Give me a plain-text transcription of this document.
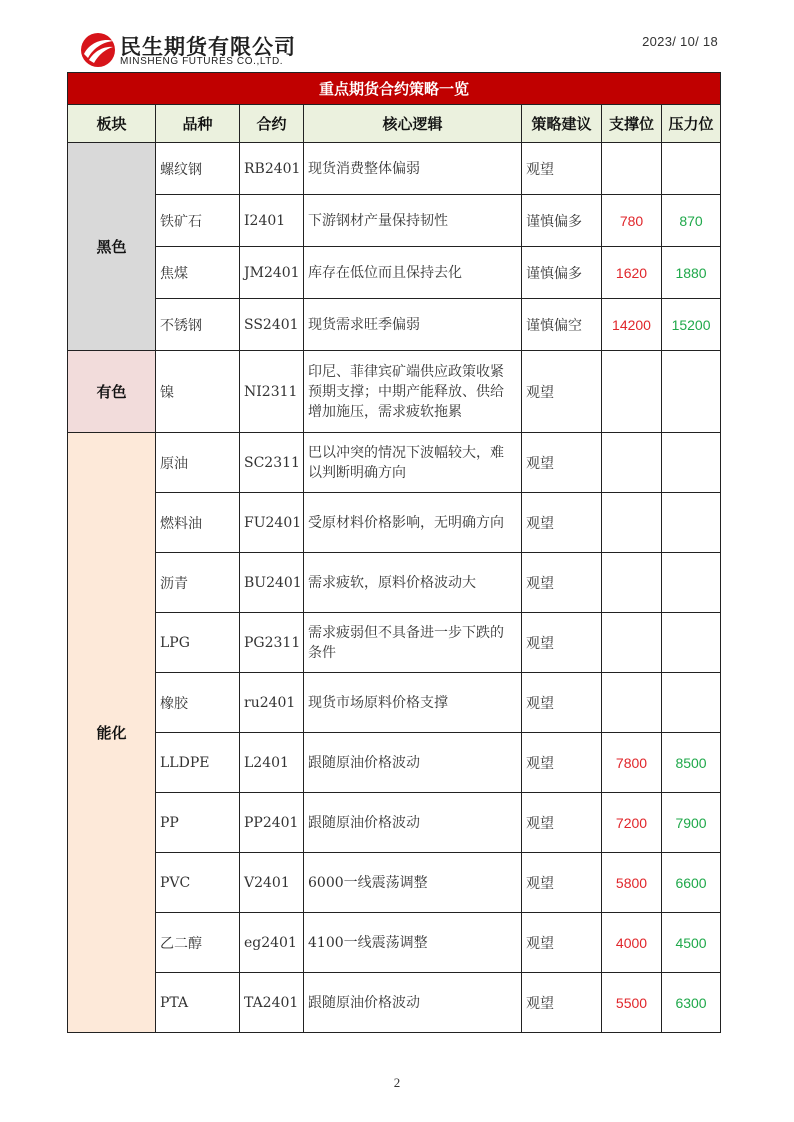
民生期货有限公司
MINSHENG FUTURES CO.,LTD.
2023/ 10/ 18
重点期货合约策略一览						
板块	品种	合约	核心逻辑	策略建议	支撑位	压力位
黑色	螺纹钢	RB2401	现货消费整体偏弱	观望		
	铁矿石	I2401	下游钢材产量保持韧性	谨慎偏多	780	870
	焦煤	JM2401	库存在低位而且保持去化	谨慎偏多	1620	1880
	不锈钢	SS2401	现货需求旺季偏弱	谨慎偏空	14200	15200
有色	镍	NI2311	印尼、菲律宾矿端供应政策收紧预期支撑；中期产能释放、供给增加施压，需求疲软拖累	观望		
能化	原油	SC2311	巴以冲突的情况下波幅较大，难以判断明确方向	观望		
	燃料油	FU2401	受原材料价格影响，无明确方向	观望		
	沥青	BU2401	需求疲软，原料价格波动大	观望		
	LPG	PG2311	需求疲弱但不具备进一步下跌的条件	观望		
	橡胶	ru2401	现货市场原料价格支撑	观望		
	LLDPE	L2401	跟随原油价格波动	观望	7800	8500
	PP	PP2401	跟随原油价格波动	观望	7200	7900
	PVC	V2401	6000一线震荡调整	观望	5800	6600
	乙二醇	eg2401	4100一线震荡调整	观望	4000	4500
	PTA	TA2401	跟随原油价格波动	观望	5500	6300
2
